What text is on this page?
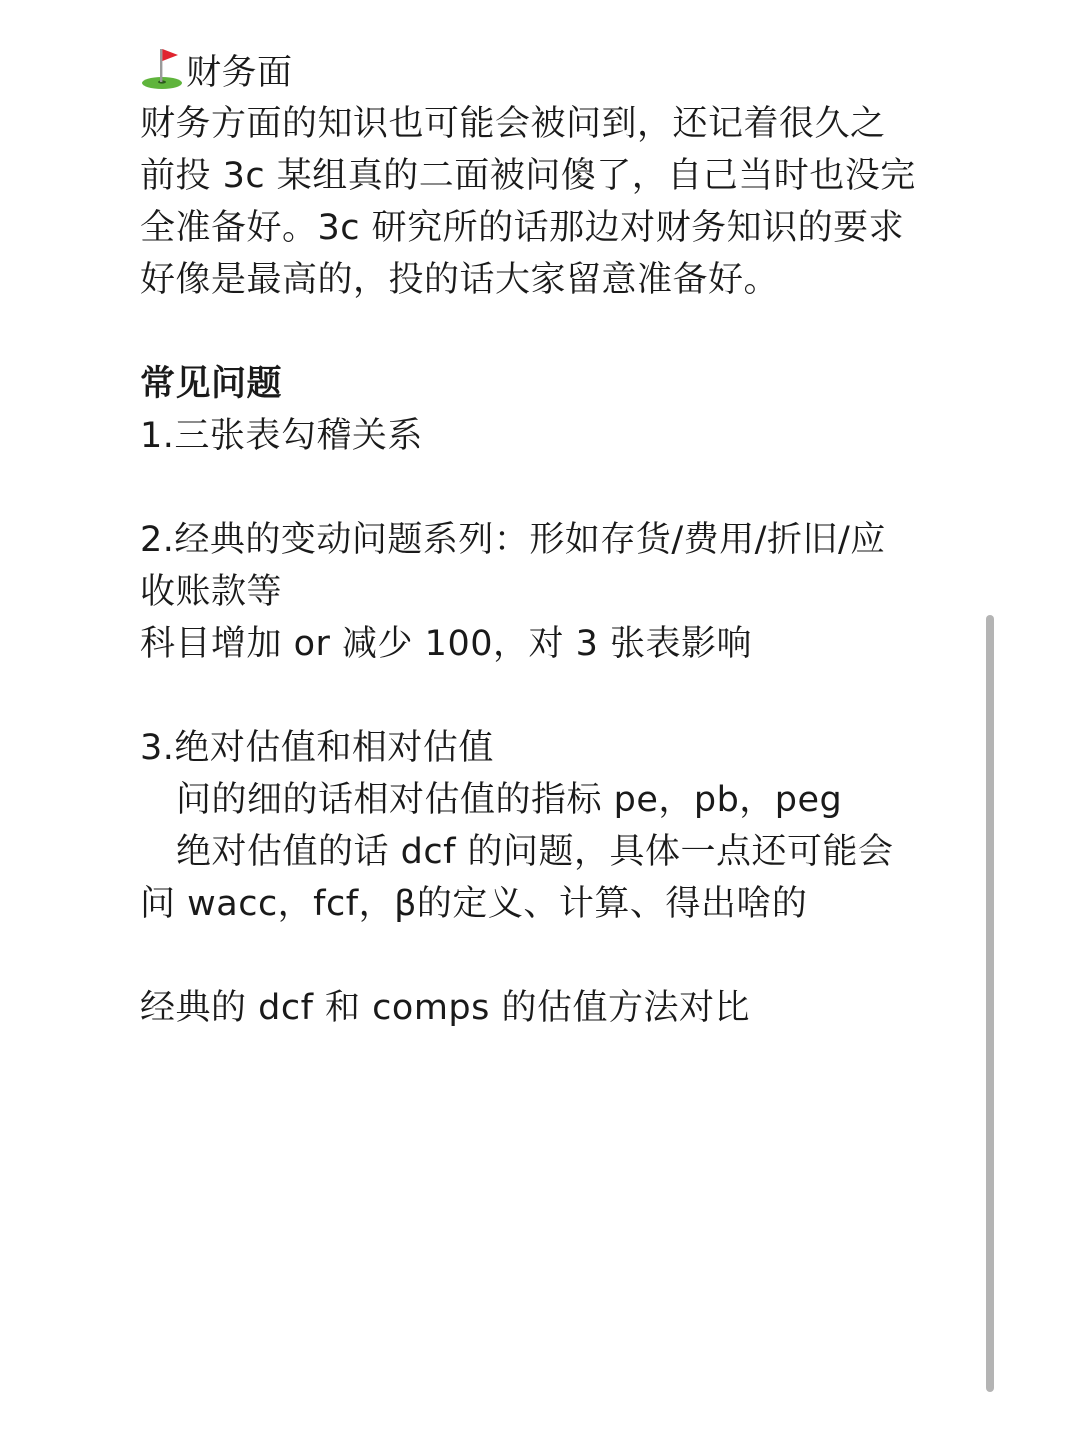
财务面
财务方面的知识也可能会被问到，还记着很久之
前投 3c 某组真的二面被问傻了，自己当时也没完
全准备好。3c 研究所的话那边对财务知识的要求
好像是最高的，投的话大家留意准备好。
常见问题
1.三张表勾稽关系
2.经典的变动问题系列：形如存货/费用/折旧/应
收账款等
科目增加 or 减少 100，对 3 张表影响
3.绝对估值和相对估值
问的细的话相对估值的指标 pe，pb，peg
绝对估值的话 dcf 的问题，具体一点还可能会
问 wacc，fcf，β的定义、计算、得出啥的
经典的 dcf 和 comps 的估值方法对比
